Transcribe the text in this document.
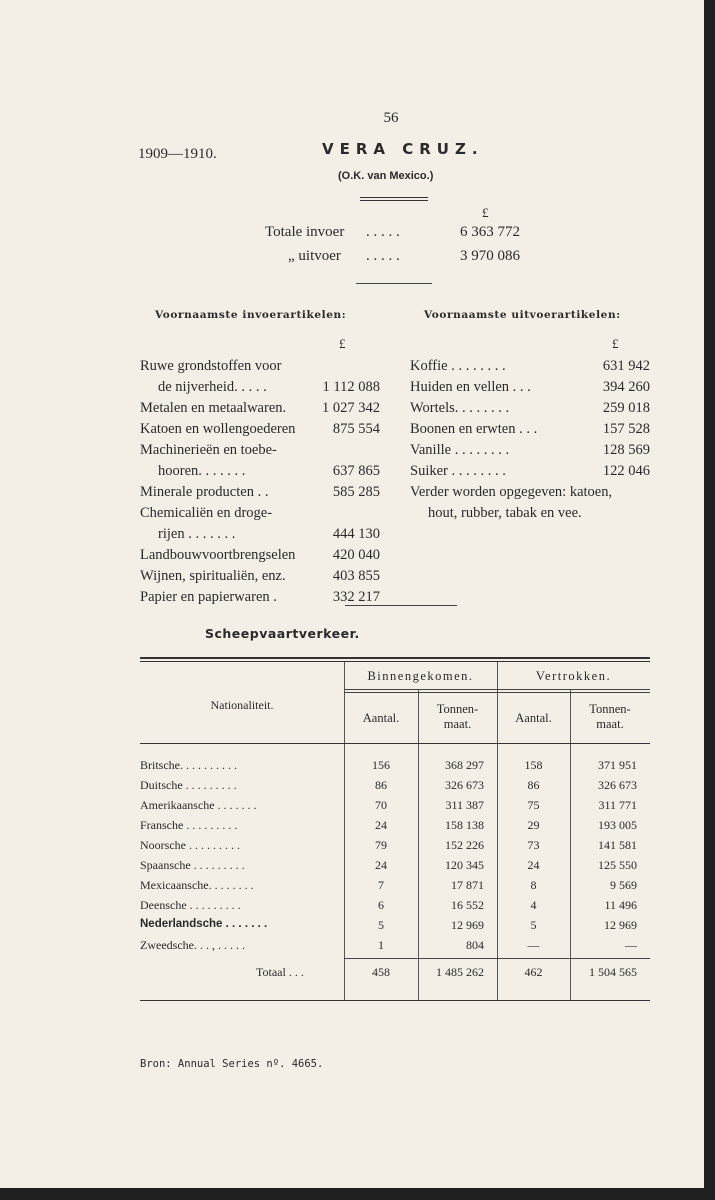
56
1909—1910.	VERA CRUZ.
(O.K. van Mexico.)
£
Totale invoer . . . . .	6 363 772
„ uitvoer . . . . .	3 970 086
Voornaamste invoerartikelen:	Voornaamste uitvoerartikelen:
£
Ruwe grondstoffen voor
de nijverheid. . . . .	1 112 088
Metalen en metaalwaren.	1 027 342
Katoen en wollengoederen	875 554
Machinerieën en toebe-
hooren. . . . . . .	637 865
Minerale producten . .	585 285
Chemicaliën en droge-
rijen . . . . . . .	444 130
Landbouwvoortbrengselen	420 040
Wijnen, spiritualiën, enz.	403 855
Papier en papierwaren .	332 217
£
Koffie . . . . . . . .	631 942
Huiden en vellen . . .	394 260
Wortels. . . . . . . .	259 018
Boonen en erwten . . .	157 528
Vanille . . . . . . . .	128 569
Suiker . . . . . . . .	122 046
Verder worden opgegeven: katoen,
hout, rubber, tabak en vee.
Scheepvaartverkeer.
Nationaliteit.
Binnengekomen.	Vertrokken.
Aantal.
Tonnen-
maat.	Aantal.
Tonnen-
maat.
Britsche. . . . . . . . . .	156	368 297	158	371 951
Duitsche . . . . . . . . .	86	326 673	86	326 673
Amerikaansche . . . . . . .	70	311 387	75	311 771
Fransche . . . . . . . . .	24	158 138	29	193 005
Noorsche . . . . . . . . .	79	152 226	73	141 581
Spaansche . . . . . . . . .	24	120 345	24	125 550
Mexicaansche. . . . . . . .	7	17 871	8	9 569
Deensche . . . . . . . . .	6	16 552	4	11 496
Nederlandsche . . . . . . .	5	12 969	5	12 969
Zweedsche. . . , . . . . .	1	804	—	—
Totaal . . .	458	1 485 262	462	1 504 565
Bron: Annual Series nº. 4665.
